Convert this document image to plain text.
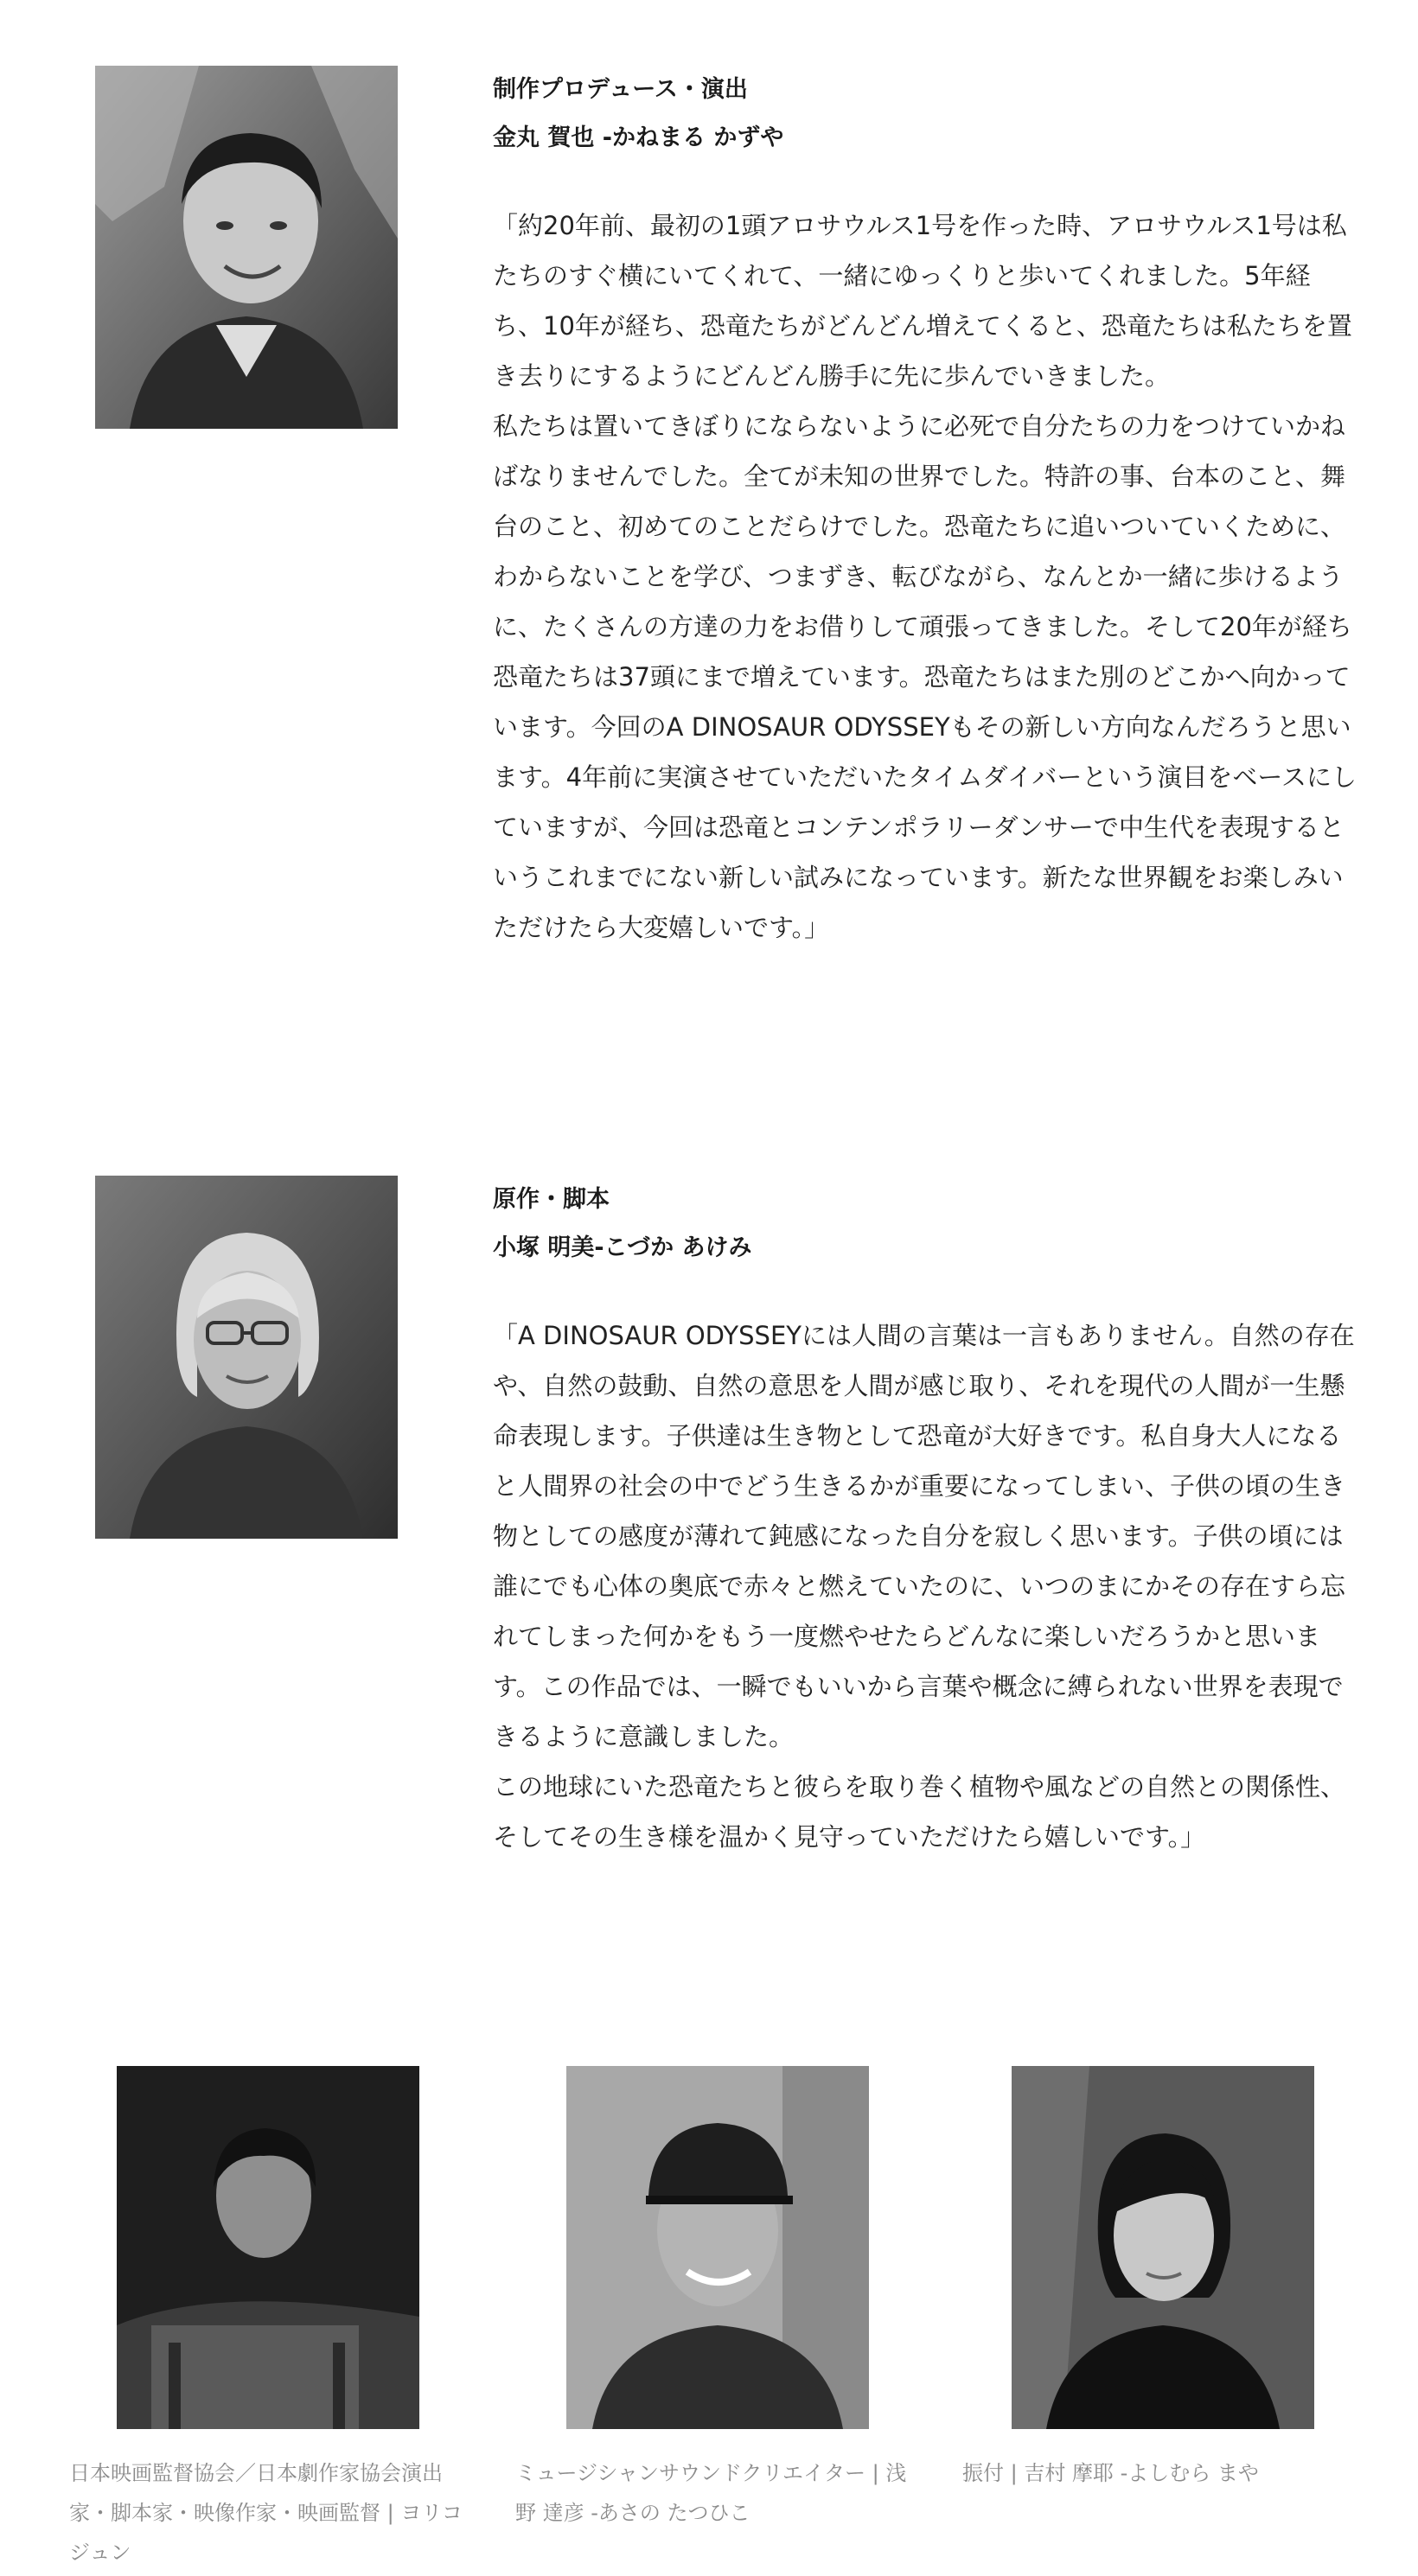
制作プロデュース・演出
金丸 賀也 -かねまる かずや

「約20年前、最初の1頭アロサウルス1号を作った時、アロサウルス1号は私たちのすぐ横にいてくれて、一緒にゆっくりと歩いてくれました。5年経ち、10年が経ち、恐竜たちがどんどん増えてくると、恐竜たちは私たちを置き去りにするようにどんどん勝手に先に歩んでいきました。

私たちは置いてきぼりにならないように必死で自分たちの力をつけていかねばなりませんでした。全てが未知の世界でした。特許の事、台本のこと、舞台のこと、初めてのことだらけでした。恐竜たちに追いついていくために、わからないことを学び、つまずき、転びながら、なんとか一緒に歩けるように、たくさんの方達の力をお借りして頑張ってきました。そして20年が経ち恐竜たちは37頭にまで増えています。恐竜たちはまた別のどこかへ向かっています。今回のA DINOSAUR ODYSSEYもその新しい方向なんだろうと思います。4年前に実演させていただいたタイムダイバーという演目をベースにしていますが、今回は恐竜とコンテンポラリーダンサーで中生代を表現するというこれまでにない新しい試みになっています。新たな世界観をお楽しみいただけたら大変嬉しいです。」

原作・脚本
小塚 明美-こづか あけみ

「A DINOSAUR ODYSSEYには人間の言葉は一言もありません。自然の存在や、自然の鼓動、自然の意思を人間が感じ取り、それを現代の人間が一生懸命表現します。子供達は生き物として恐竜が大好きです。私自身大人になると人間界の社会の中でどう生きるかが重要になってしまい、子供の頃の生き物としての感度が薄れて鈍感になった自分を寂しく思います。子供の頃には誰にでも心体の奥底で赤々と燃えていたのに、いつのまにかその存在すら忘れてしまった何かをもう一度燃やせたらどんなに楽しいだろうかと思います。この作品では、一瞬でもいいから言葉や概念に縛られない世界を表現できるように意識しました。

この地球にいた恐竜たちと彼らを取り巻く植物や風などの自然との関係性、そしてその生き様を温かく見守っていただけたら嬉しいです。」

日本映画監督協会／日本劇作家協会演出家・脚本家・映像作家・映画監督 | ヨリコ ジュン

ミュージシャンサウンドクリエイター | 浅野 達彦 -あさの たつひこ

振付 | 吉村 摩耶 -よしむら まや
